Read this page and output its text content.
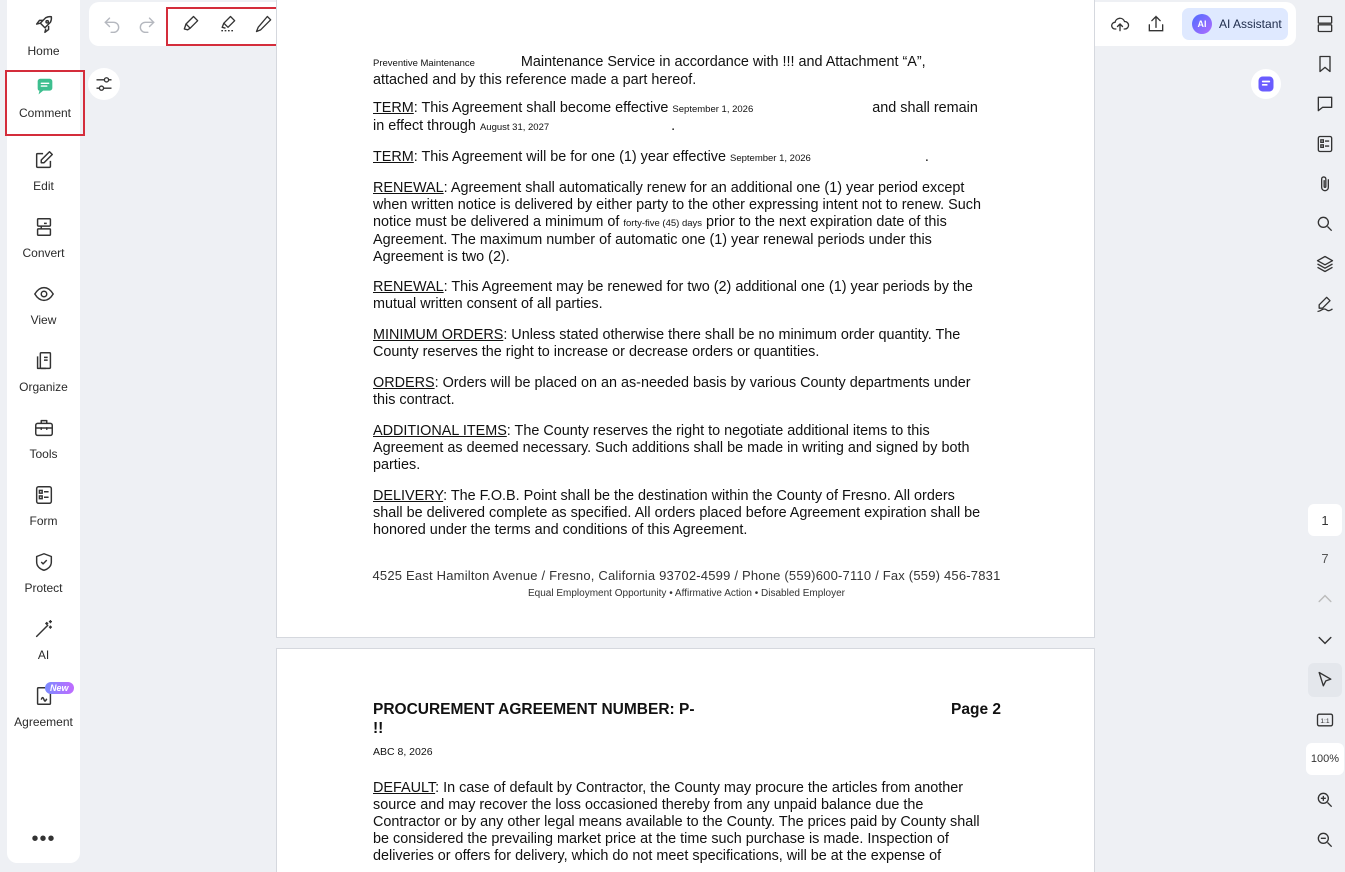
Home
Comment
Edit
Convert
View
Organize
Tools
Form
Protect
AI
New
Agreement
•••
AI	AI Assistant
Preventive Maintenance	Maintenance Service in accordance with !!! and Attachment “A”,
attached and by this reference made a part hereof.
TERM: This Agreement shall become effective September 1, 2026	and shall remain
in effect through August 31, 2027	.
TERM: This Agreement will be for one (1) year effective September 1, 2026	.
RENEWAL: Agreement shall automatically renew for an additional one (1) year period except
when written notice is delivered by either party to the other expressing intent not to renew. Such
notice must be delivered a minimum of forty-five (45) days prior to the next expiration date of this
Agreement. The maximum number of automatic one (1) year renewal periods under this
Agreement is two (2).
RENEWAL: This Agreement may be renewed for two (2) additional one (1) year periods by the
mutual written consent of all parties.
MINIMUM ORDERS: Unless stated otherwise there shall be no minimum order quantity. The
County reserves the right to increase or decrease orders or quantities.
ORDERS: Orders will be placed on an as-needed basis by various County departments under
this contract.
ADDITIONAL ITEMS: The County reserves the right to negotiate additional items to this
Agreement as deemed necessary. Such additions shall be made in writing and signed by both
parties.
DELIVERY: The F.O.B. Point shall be the destination within the County of Fresno. All orders
shall be delivered complete as specified. All orders placed before Agreement expiration shall be
honored under the terms and conditions of this Agreement.
4525 East Hamilton Avenue / Fresno, California 93702-4599 / Phone (559)600-7110 / Fax (559) 456-7831
Equal Employment Opportunity • Affirmative Action • Disabled Employer
PROCUREMENT AGREEMENT NUMBER: P-
!!
Page 2
ABC 8, 2026
DEFAULT: In case of default by Contractor, the County may procure the articles from another
source and may recover the loss occasioned thereby from any unpaid balance due the
Contractor or by any other legal means available to the County. The prices paid by County shall
be considered the prevailing market price at the time such purchase is made. Inspection of
deliveries or offers for delivery, which do not meet specifications, will be at the expense of
1:1
1
7
100%
